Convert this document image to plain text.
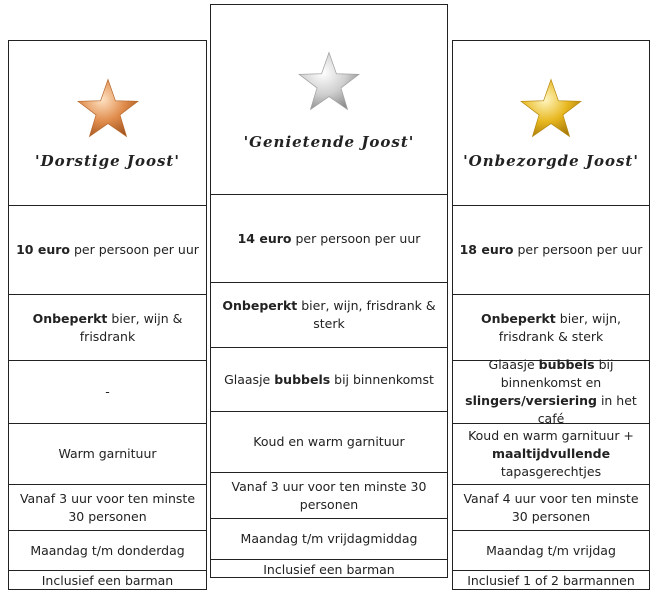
'Dorstige Joost'
10 euro per persoon per uur
Onbeperkt bier, wijn & frisdrank
-
Warm garnituur
Vanaf 3 uur voor ten minste 30 personen
Maandag t/m donderdag
Inclusief een barman
'Genietende Joost'
14 euro per persoon per uur
Onbeperkt bier, wijn, frisdrank & sterk
Glaasje bubbels bij binnenkomst
Koud en warm garnituur
Vanaf 3 uur voor ten minste 30 personen
Maandag t/m vrijdagmiddag
Inclusief een barman
'Onbezorgde Joost'
18 euro per persoon per uur
Onbeperkt bier, wijn, frisdrank & sterk
Glaasje bubbels bij binnenkomst en slingers/versiering in het café
Koud en warm garnituur + maaltijdvullende tapasgerechtjes
Vanaf 4 uur voor ten minste 30 personen
Maandag t/m vrijdag
Inclusief 1 of 2 barmannen
